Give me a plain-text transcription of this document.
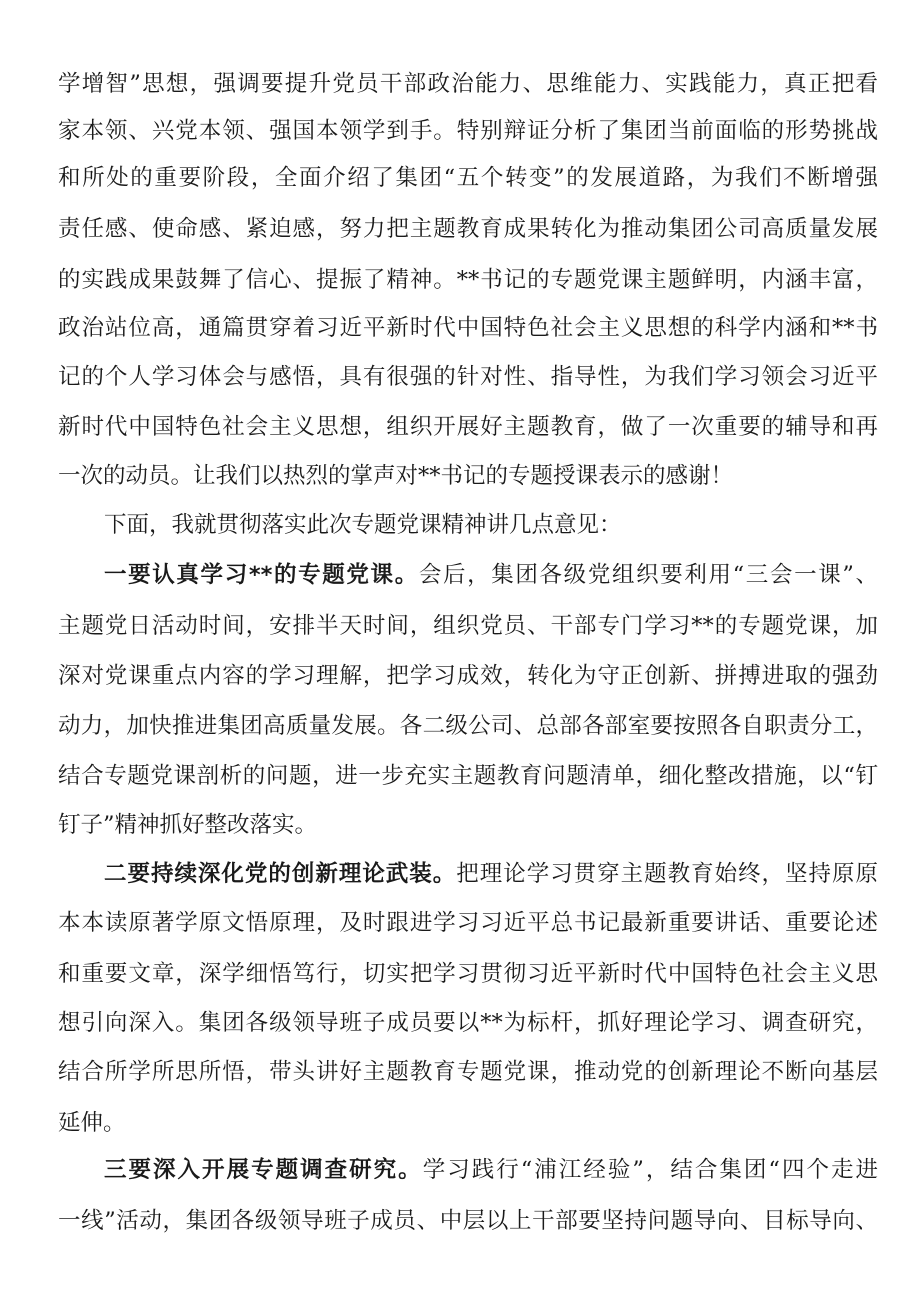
学增智”思想，强调要提升党员干部政治能力、思维能力、实践能力，真正把看
家本领、兴党本领、强国本领学到手。特别辩证分析了集团当前面临的形势挑战
和所处的重要阶段，全面介绍了集团“五个转变”的发展道路，为我们不断增强
责任感、使命感、紧迫感，努力把主题教育成果转化为推动集团公司高质量发展
的实践成果鼓舞了信心、提振了精神。**书记的专题党课主题鲜明，内涵丰富，
政治站位高，通篇贯穿着习近平新时代中国特色社会主义思想的科学内涵和**书
记的个人学习体会与感悟，具有很强的针对性、指导性，为我们学习领会习近平
新时代中国特色社会主义思想，组织开展好主题教育，做了一次重要的辅导和再
一次的动员。让我们以热烈的掌声对**书记的专题授课表示的感谢！
下面，我就贯彻落实此次专题党课精神讲几点意见：
一要认真学习**的专题党课。会后，集团各级党组织要利用“三会一课”、
主题党日活动时间，安排半天时间，组织党员、干部专门学习**的专题党课，加
深对党课重点内容的学习理解，把学习成效，转化为守正创新、拼搏进取的强劲
动力，加快推进集团高质量发展。各二级公司、总部各部室要按照各自职责分工，
结合专题党课剖析的问题，进一步充实主题教育问题清单，细化整改措施，以“钉
钉子”精神抓好整改落实。
二要持续深化党的创新理论武装。把理论学习贯穿主题教育始终，坚持原原
本本读原著学原文悟原理，及时跟进学习习近平总书记最新重要讲话、重要论述
和重要文章，深学细悟笃行，切实把学习贯彻习近平新时代中国特色社会主义思
想引向深入。集团各级领导班子成员要以**为标杆，抓好理论学习、调查研究，
结合所学所思所悟，带头讲好主题教育专题党课，推动党的创新理论不断向基层
延伸。
三要深入开展专题调查研究。学习践行“浦江经验”，结合集团“四个走进
一线”活动，集团各级领导班子成员、中层以上干部要坚持问题导向、目标导向、
